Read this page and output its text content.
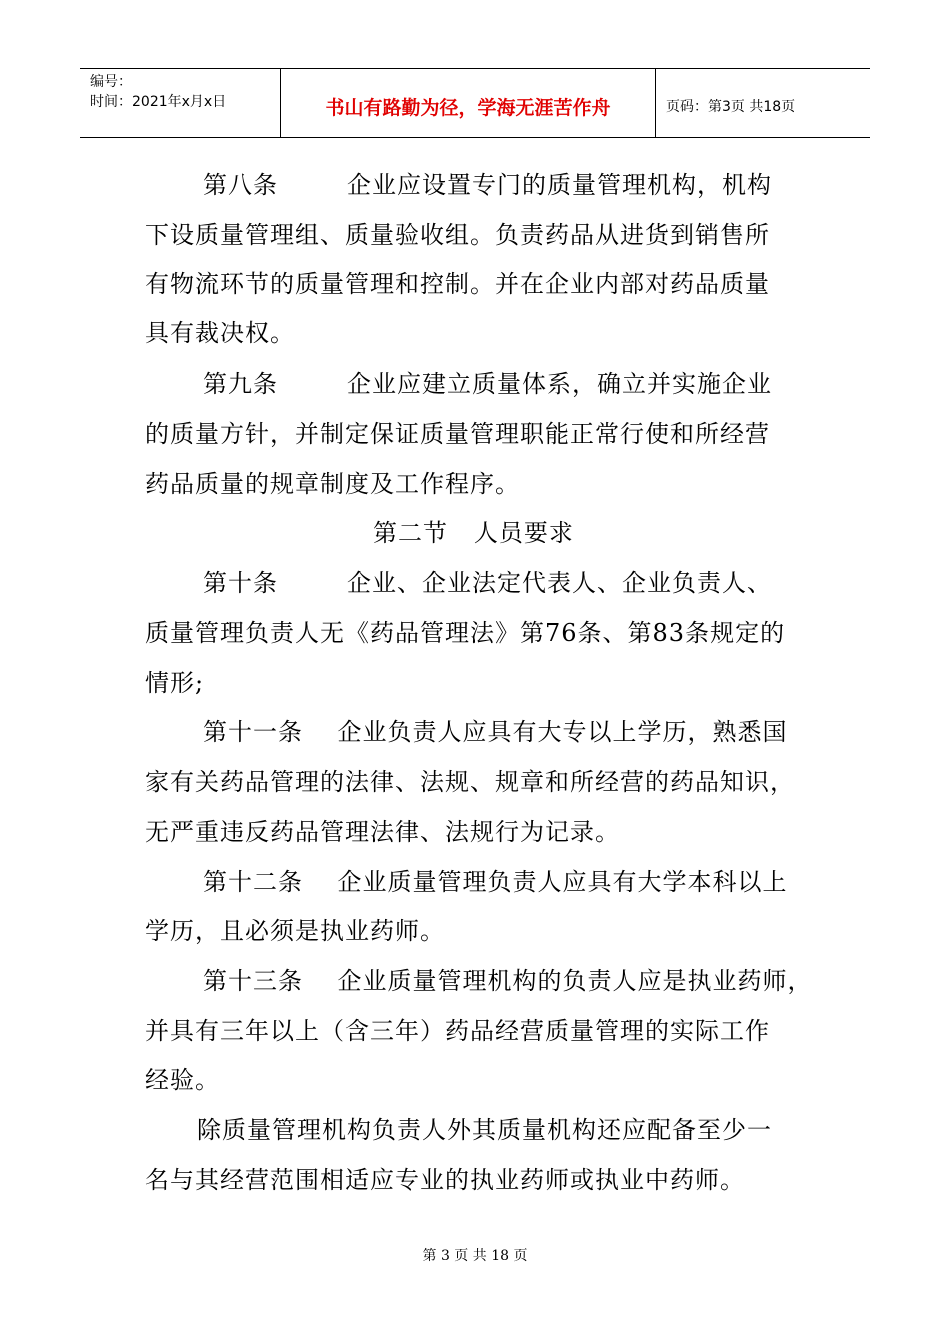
编号：
时间：2021年x月x日	书山有路勤为径，学海无涯苦作舟	页码：第3页 共18页
第八条        企业应设置专门的质量管理机构，机构
下设质量管理组、质量验收组。负责药品从进货到销售所
有物流环节的质量管理和控制。并在企业内部对药品质量
具有裁决权。
第九条        企业应建立质量体系，确立并实施企业
的质量方针，并制定保证质量管理职能正常行使和所经营
药品质量的规章制度及工作程序。
第二节   人员要求
第十条        企业、企业法定代表人、企业负责人、
质量管理负责人无《药品管理法》第76条、第83条规定的
情形;
第十一条    企业负责人应具有大专以上学历，熟悉国
家有关药品管理的法律、法规、规章和所经营的药品知识，
无严重违反药品管理法律、法规行为记录。
第十二条    企业质量管理负责人应具有大学本科以上
学历，且必须是执业药师。
第十三条    企业质量管理机构的负责人应是执业药师，
并具有三年以上（含三年）药品经营质量管理的实际工作
经验。
除质量管理机构负责人外其质量机构还应配备至少一
名与其经营范围相适应专业的执业药师或执业中药师。
第 3 页 共 18 页
